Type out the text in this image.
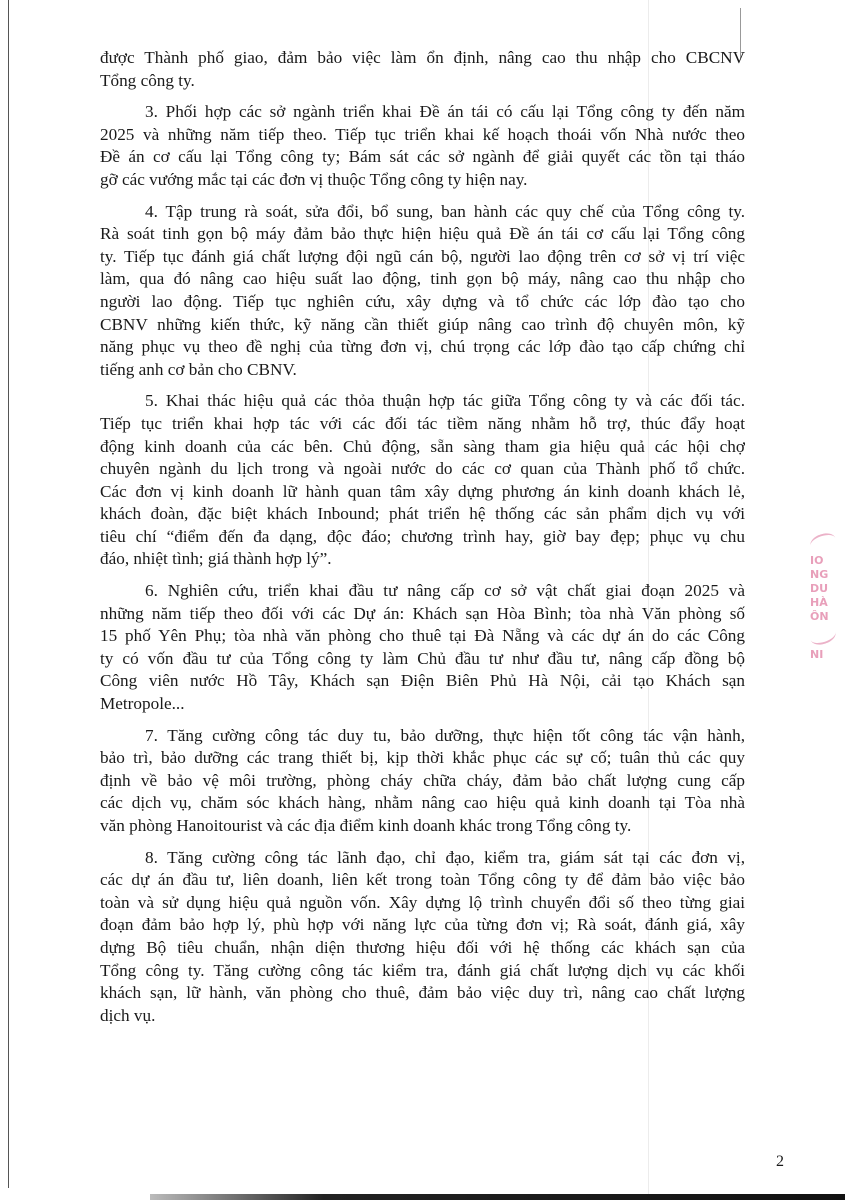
được Thành phố giao, đảm bảo việc làm ổn định, nâng cao thu nhập cho CBCNV
Tổng công ty.
3. Phối hợp các sở ngành triển khai Đề án tái có cấu lại Tổng công ty đến năm
2025 và những năm tiếp theo. Tiếp tục triển khai kế hoạch thoái vốn Nhà nước theo
Đề án cơ cấu lại Tổng công ty; Bám sát các sở ngành để giải quyết các tồn tại tháo
gỡ các vướng mắc tại các đơn vị thuộc Tổng công ty hiện nay.
4. Tập trung rà soát, sửa đổi, bổ sung, ban hành các quy chế của Tổng công ty.
Rà soát tinh gọn bộ máy đảm bảo thực hiện hiệu quả Đề án tái cơ cấu lại Tổng công
ty. Tiếp tục đánh giá chất lượng đội ngũ cán bộ, người lao động trên cơ sở vị trí việc
làm, qua đó nâng cao hiệu suất lao động, tinh gọn bộ máy, nâng cao thu nhập cho
người lao động. Tiếp tục nghiên cứu, xây dựng và tổ chức các lớp đào tạo cho
CBNV những kiến thức, kỹ năng cần thiết giúp nâng cao trình độ chuyên môn, kỹ
năng phục vụ theo đề nghị của từng đơn vị, chú trọng các lớp đào tạo cấp chứng chỉ
tiếng anh cơ bản cho CBNV.
5. Khai thác hiệu quả các thỏa thuận hợp tác giữa Tổng công ty và các đối tác.
Tiếp tục triển khai hợp tác với các đối tác tiềm năng nhằm hỗ trợ, thúc đẩy hoạt
động kinh doanh của các bên. Chủ động, sẵn sàng tham gia hiệu quả các hội chợ
chuyên ngành du lịch trong và ngoài nước do các cơ quan của Thành phố tổ chức.
Các đơn vị kinh doanh lữ hành quan tâm xây dựng phương án kinh doanh khách lẻ,
khách đoàn, đặc biệt khách Inbound; phát triển hệ thống các sản phẩm dịch vụ với
tiêu chí “điểm đến đa dạng, độc đáo; chương trình hay, giờ bay đẹp; phục vụ chu
đáo, nhiệt tình; giá thành hợp lý”.
6. Nghiên cứu, triển khai đầu tư nâng cấp cơ sở vật chất giai đoạn 2025 và
những năm tiếp theo đối với các Dự án: Khách sạn Hòa Bình; tòa nhà Văn phòng số
15 phố Yên Phụ; tòa nhà văn phòng cho thuê tại Đà Nẵng và các dự án do các Công
ty có vốn đầu tư của Tổng công ty làm Chủ đầu tư như đầu tư, nâng cấp đồng bộ
Công viên nước Hồ Tây, Khách sạn Điện Biên Phủ Hà Nội, cải tạo Khách sạn
Metropole...
7. Tăng cường công tác duy tu, bảo dưỡng, thực hiện tốt công tác vận hành,
bảo trì, bảo dưỡng các trang thiết bị, kịp thời khắc phục các sự cố; tuân thủ các quy
định về bảo vệ môi trường, phòng cháy chữa cháy, đảm bảo chất lượng cung cấp
các dịch vụ, chăm sóc khách hàng, nhằm nâng cao hiệu quả kinh doanh tại Tòa nhà
văn phòng Hanoitourist và các địa điểm kinh doanh khác trong Tổng công ty.
8. Tăng cường công tác lãnh đạo, chỉ đạo, kiểm tra, giám sát tại các đơn vị,
các dự án đầu tư, liên doanh, liên kết trong toàn Tổng công ty để đảm bảo việc bảo
toàn và sử dụng hiệu quả nguồn vốn. Xây dựng lộ trình chuyển đổi số theo từng giai
đoạn đảm bảo hợp lý, phù hợp với năng lực của từng đơn vị; Rà soát, đánh giá, xây
dựng Bộ tiêu chuẩn, nhận diện thương hiệu đối với hệ thống các khách sạn của
Tổng công ty. Tăng cường công tác kiểm tra, đánh giá chất lượng dịch vụ các khối
khách sạn, lữ hành, văn phòng cho thuê, đảm bảo việc duy trì, nâng cao chất lượng
dịch vụ.
2
ΙΟ
NG
DU
HÀ
ÔN

NI
